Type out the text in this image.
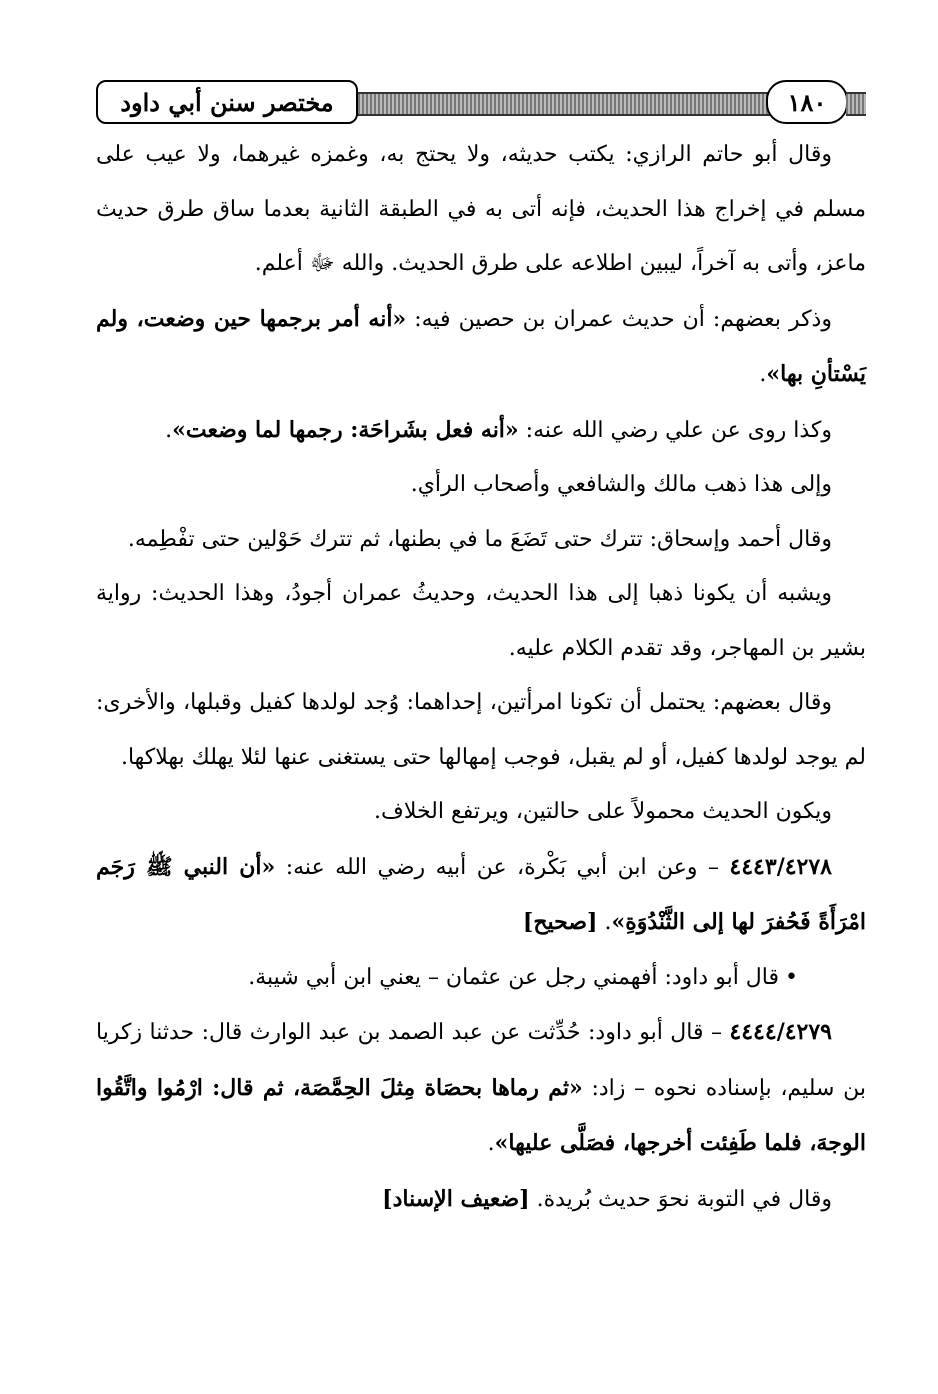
مختصر سنن أبي داود	١٨٠

وقال أبو حاتم الرازي: يكتب حديثه، ولا يحتج به، وغمزه غيرهما، ولا عيب على مسلم في إخراج هذا الحديث، فإنه أتى به في الطبقة الثانية بعدما ساق طرق حديث ماعز، وأتى به آخراً، ليبين اطلاعه على طرق الحديث. والله ﷻ أعلم.

وذكر بعضهم: أن حديث عمران بن حصين فيه: «أنه أمر برجمها حين وضعت، ولم يَسْتأنِ بها».

وكذا روى عن علي رضي الله عنه: «أنه فعل بشَراحَة: رجمها لما وضعت».

وإلى هذا ذهب مالك والشافعي وأصحاب الرأي.

وقال أحمد وإسحاق: تترك حتى تَضَعَ ما في بطنها، ثم تترك حَوْلين حتى تفْطِمه.

ويشبه أن يكونا ذهبا إلى هذا الحديث، وحديثُ عمران أجودُ، وهذا الحديث: رواية بشير بن المهاجر، وقد تقدم الكلام عليه.

وقال بعضهم: يحتمل أن تكونا امرأتين، إحداهما: وُجد لولدها كفيل وقبلها، والأخرى: لم يوجد لولدها كفيل، أو لم يقبل، فوجب إمهالها حتى يستغنى عنها لئلا يهلك بهلاكها.

ويكون الحديث محمولاً على حالتين، ويرتفع الخلاف.

٤٤٤٣/٤٢٧٨ – وعن ابن أبي بَكْرة، عن أبيه رضي الله عنه: «أن النبي ﷺ رَجَم امْرَأَةً فَحُفرَ لها إلى الثَّنْدُوَةِ». [صحيح]

•قال أبو داود: أفهمني رجل عن عثمان – يعني ابن أبي شيبة.

٤٤٤٤/٤٢٧٩ – قال أبو داود: حُدِّثت عن عبد الصمد بن عبد الوارث قال: حدثنا زكريا بن سليم، بإسناده نحوه – زاد: «ثم رماها بحصَاة مِثلَ الحِمَّصَة، ثم قال: ارْمُوا واتَّقُوا الوجهَ، فلما طَفِئت أخرجها، فصَلَّى عليها».

وقال في التوبة نحوَ حديث بُريدة. [ضعيف الإسناد]
